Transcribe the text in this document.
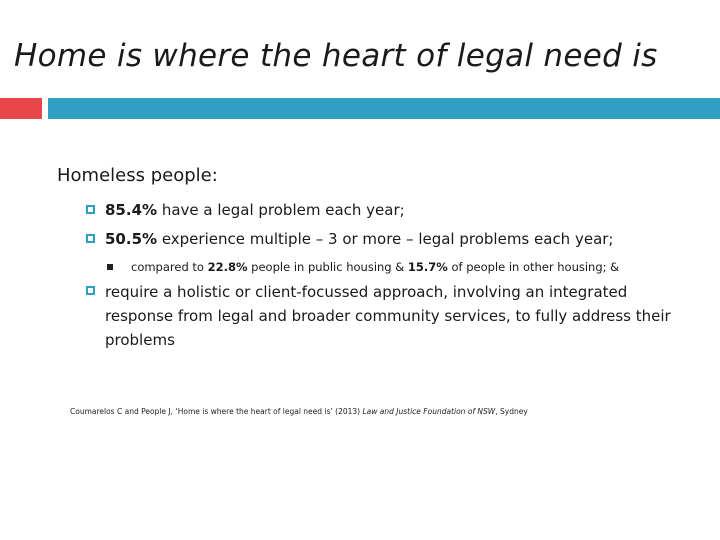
Home is where the heart of legal need is
Homeless people:
85.4% have a legal problem each year;
50.5% experience multiple – 3 or more – legal problems each year;
compared to 22.8% people in public housing & 15.7% of people in other housing; &
require a holistic or client-focussed approach, involving an integrated response from legal and broader community services, to fully address their problems
Coumarelos C and People J, ‘Home is where the heart of legal need is’ (2013) Law and Justice Foundation of NSW, Sydney
